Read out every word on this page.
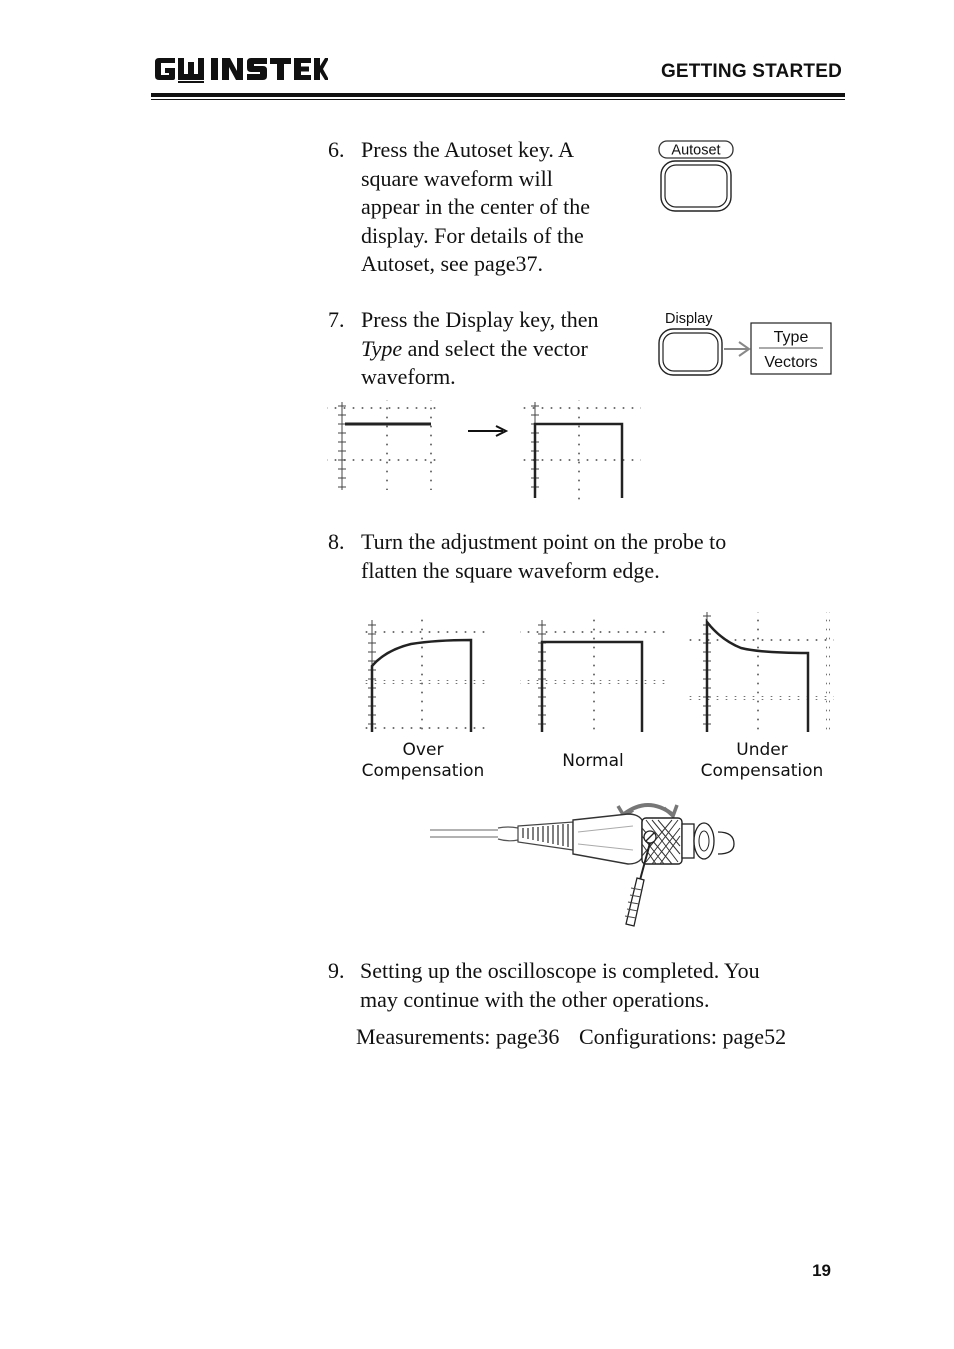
GETTING STARTED
6. Press the Autoset key. A
square waveform will
appear in the center of the
display. For details of the
Autoset, see page37.
Autoset
7. Press the Display key, then
Type and select the vector
waveform.
Display
Type
Vectors
8. Turn the adjustment point on the probe to
flatten the square waveform edge.
Over
Compensation	Normal
Under
Compensation
9. Setting up the oscilloscope is completed. You
may continue with the other operations.
Measurements: page36 Configurations: page52
19
